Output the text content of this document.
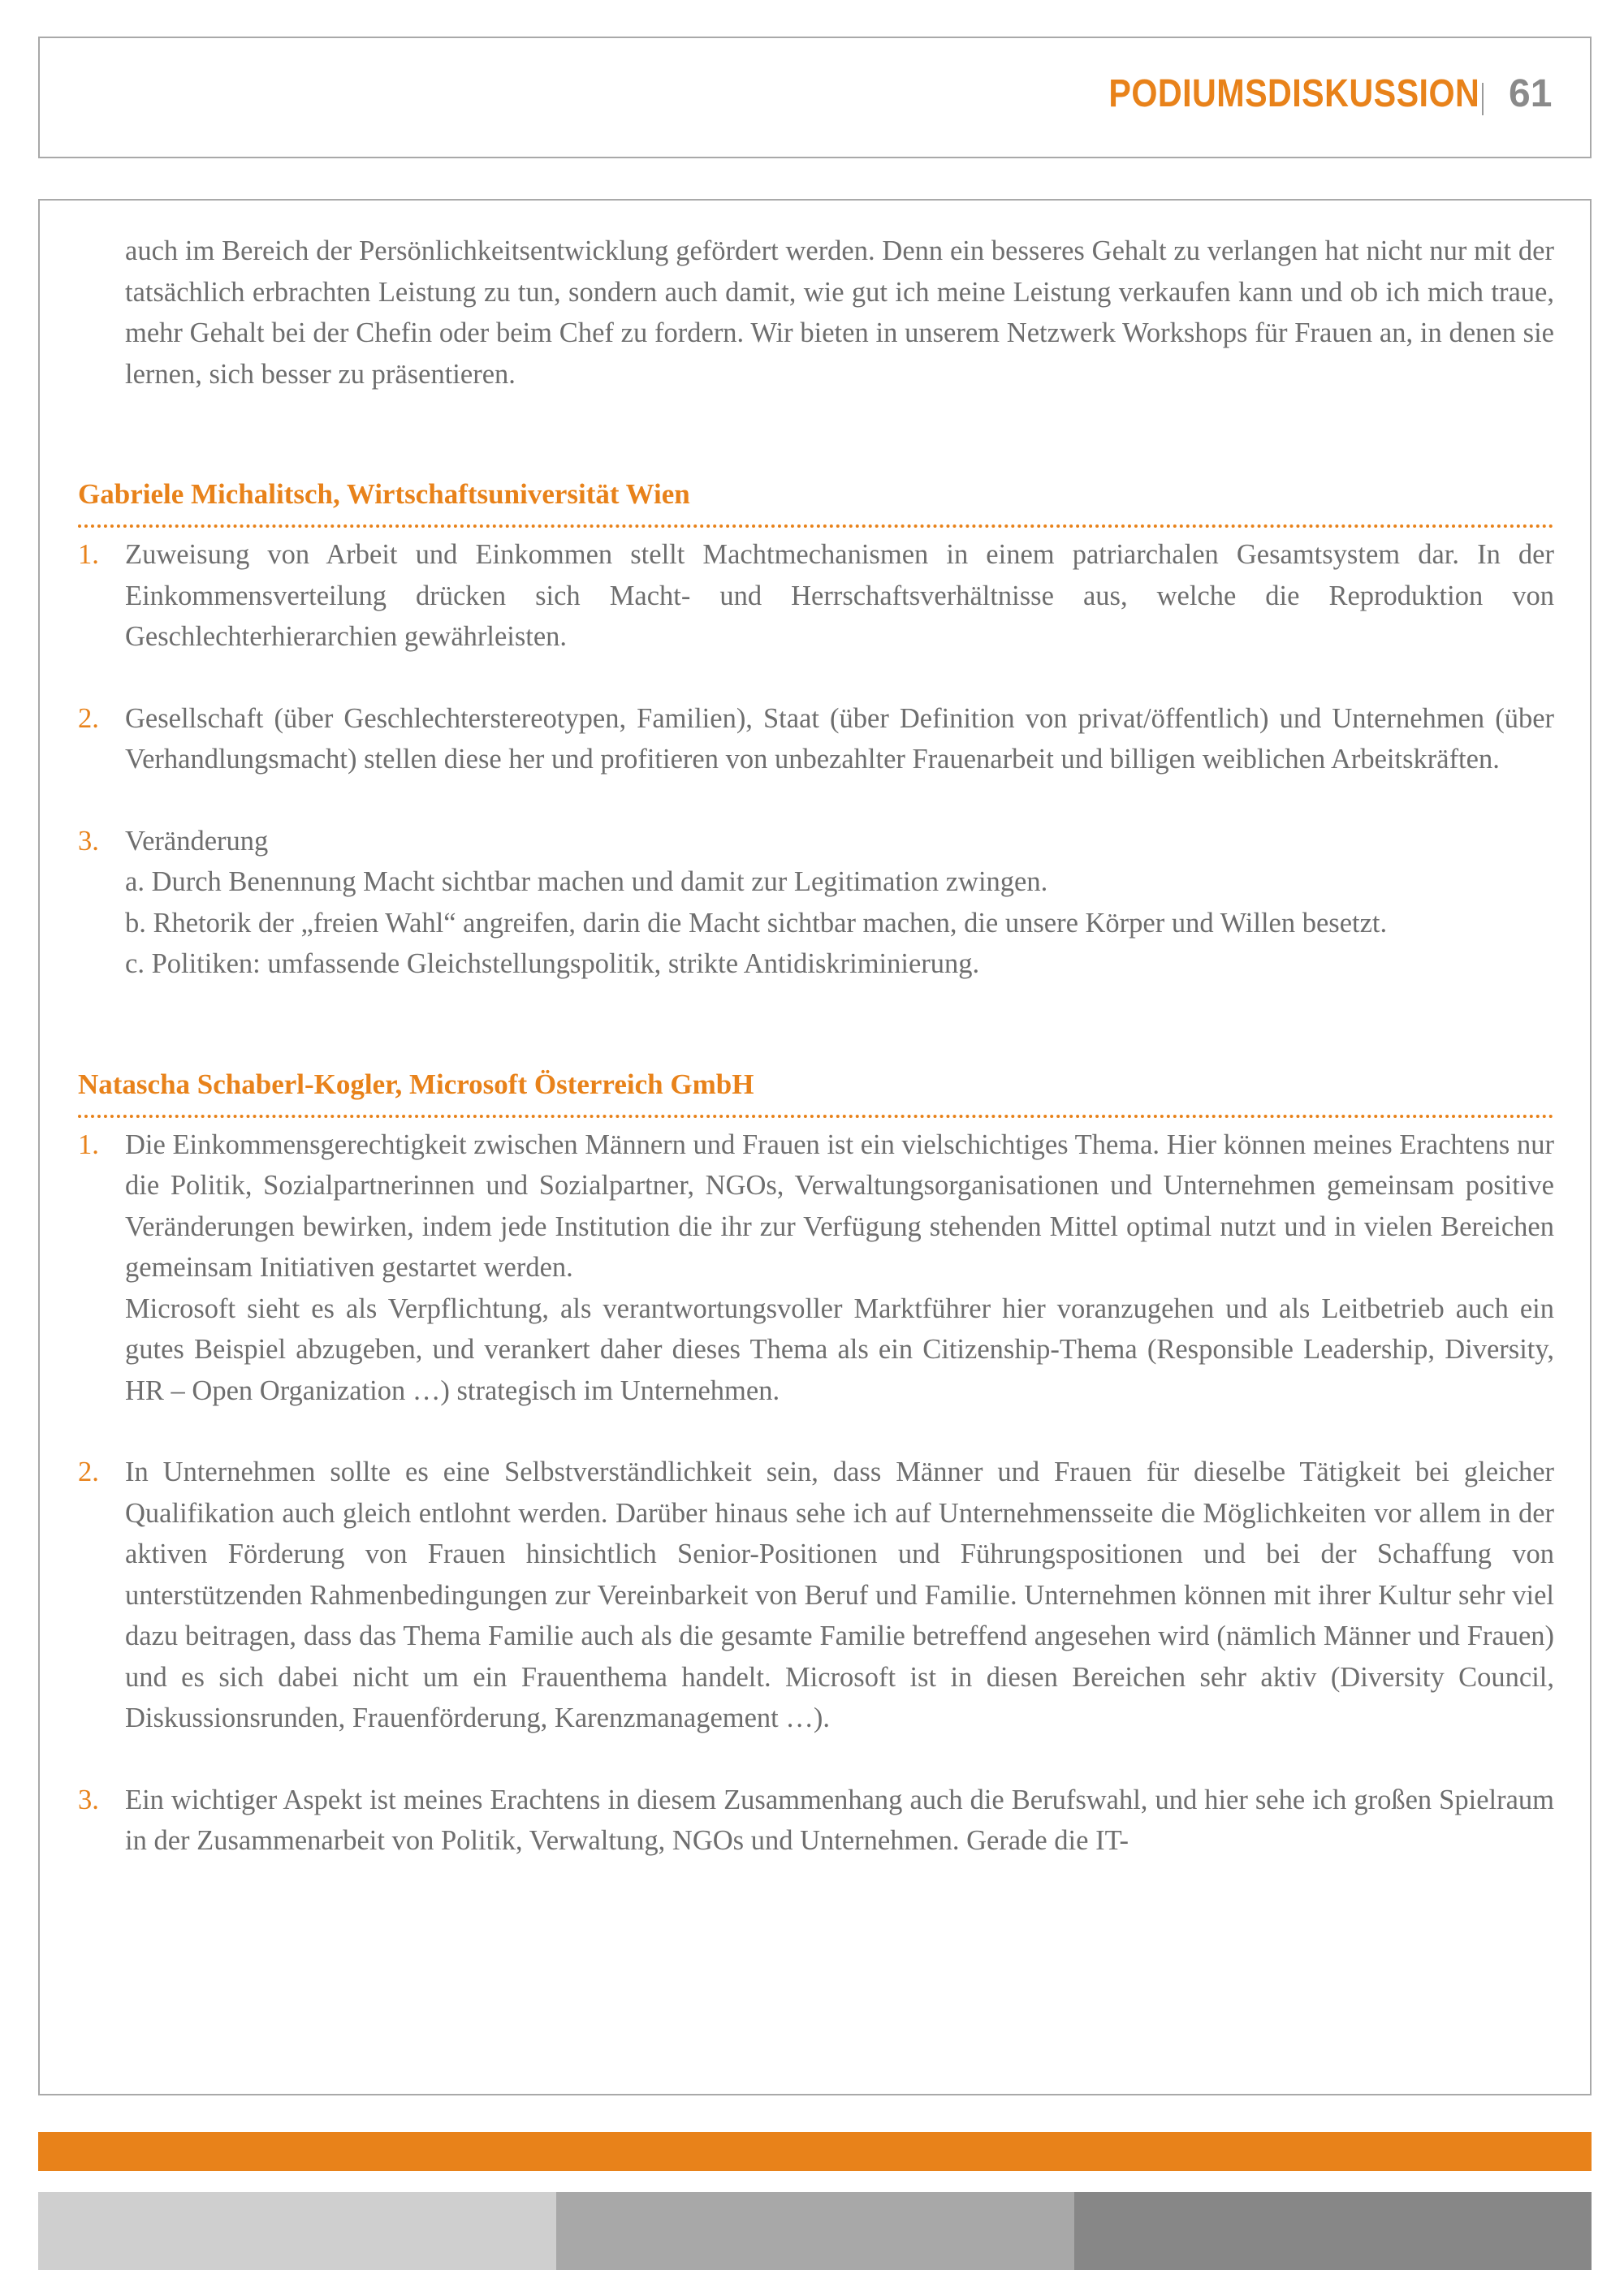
PODIUMSDISKUSSION 61
auch im Bereich der Persönlichkeitsentwicklung gefördert werden. Denn ein besseres Gehalt zu verlangen hat nicht nur mit der tatsächlich erbrachten Leistung zu tun, sondern auch damit, wie gut ich meine Leistung verkaufen kann und ob ich mich traue, mehr Gehalt bei der Chefin oder beim Chef zu fordern. Wir bieten in unserem Netzwerk Workshops für Frauen an, in denen sie lernen, sich besser zu präsentieren.
Gabriele Michalitsch, Wirtschaftsuniversität Wien
1 . Zuweisung von Arbeit und Einkommen stellt Machtmechanismen in einem patriarchalen Gesamtsystem dar. In der Einkommensverteilung drücken sich Macht- und Herrschaftsverhältnisse aus, welche die Reproduktion von Geschlechterhierarchien gewährleisten.

2 . Gesellschaft (über Geschlechterstereotypen, Familien), Staat (über Definition von privat/öffentlich) und Unternehmen (über Verhandlungsmacht) stellen diese her und profitieren von unbezahlter Frauenarbeit und billigen weiblichen Arbeitskräften.

3 . Veränderung

a. Durch Benennung Macht sichtbar machen und damit zur Legitimation zwingen.

b. Rhetorik der „freien Wahl“ angreifen, darin die Macht sichtbar machen, die unsere Körper und Willen besetzt.

c. Politiken: umfassende Gleichstellungspolitik, strikte Antidiskriminierung.

Natascha Schaberl-Kogler, Microsoft Österreich GmbH
1 . Die Einkommensgerechtigkeit zwischen Männern und Frauen ist ein vielschichtiges Thema. Hier können meines Erachtens nur die Politik, Sozialpartnerinnen und Sozialpartner, NGOs, Verwaltungsorganisationen und Unternehmen gemeinsam positive Veränderungen bewirken, indem jede Institution die ihr zur Verfügung stehenden Mittel optimal nutzt und in vielen Bereichen gemeinsam Initiativen gestartet werden.

Microsoft sieht es als Verpflichtung, als verantwortungsvoller Marktführer hier voranzugehen und als Leitbetrieb auch ein gutes Beispiel abzugeben, und verankert daher dieses Thema als ein Citizenship-Thema (Responsible Leadership, Diversity, HR – Open Organization …) strategisch im Unternehmen.

2 . In Unternehmen sollte es eine Selbstverständlichkeit sein, dass Männer und Frauen für dieselbe Tätigkeit bei gleicher Qualifikation auch gleich entlohnt werden. Darüber hinaus sehe ich auf Unternehmensseite die Möglichkeiten vor allem in der aktiven Förderung von Frauen hinsichtlich Senior-Positionen und Führungspositionen und bei der Schaffung von unterstützenden Rahmenbedingungen zur Vereinbarkeit von Beruf und Familie. Unternehmen können mit ihrer Kultur sehr viel dazu beitragen, dass das Thema Familie auch als die gesamte Familie betreffend angesehen wird (nämlich Männer und Frauen) und es sich dabei nicht um ein Frauenthema handelt. Microsoft ist in diesen Bereichen sehr aktiv (Diversity Council, Diskussionsrunden, Frauenförderung, Karenzmanagement …).

3 . Ein wichtiger Aspekt ist meines Erachtens in diesem Zusammenhang auch die Berufswahl, und hier sehe ich großen Spielraum in der Zusammenarbeit von Politik, Verwaltung, NGOs und Unternehmen. Gerade die IT-
